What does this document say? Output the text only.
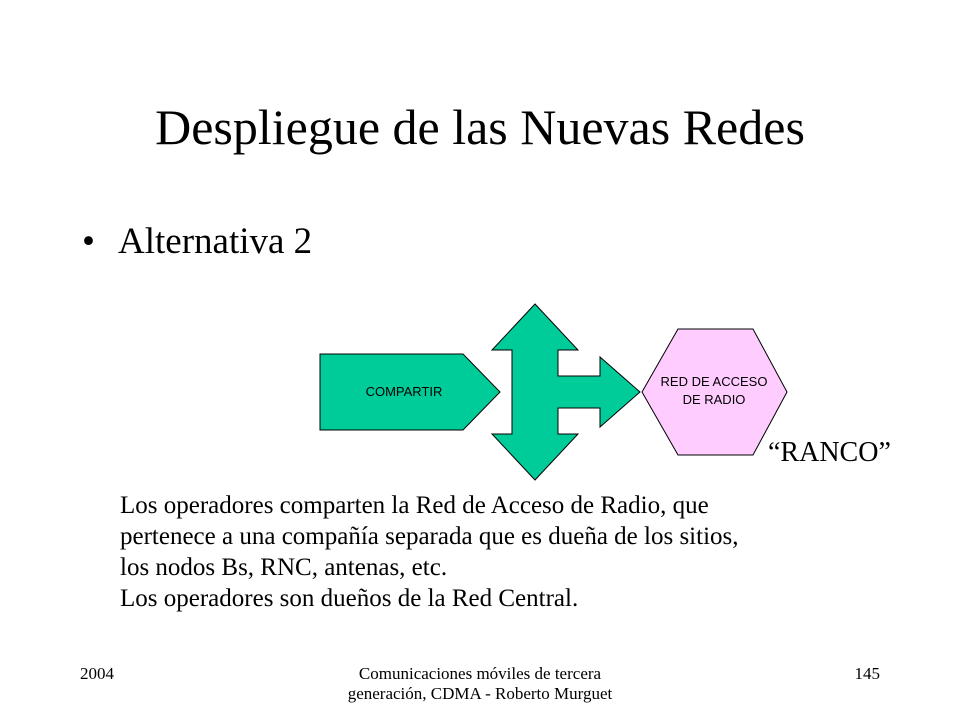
Despliegue de las Nuevas Redes
• Alternativa 2
COMPARTIR
RED DE ACCESO
DE RADIO
“RANCO”
Los operadores comparten la Red de Acceso de Radio, que
pertenece a una compañía separada que es dueña de los sitios,
los nodos Bs, RNC, antenas, etc.
Los operadores son dueños de la Red Central.
2004	Comunicaciones móviles de tercera generación, CDMA - Roberto Murguet
145
